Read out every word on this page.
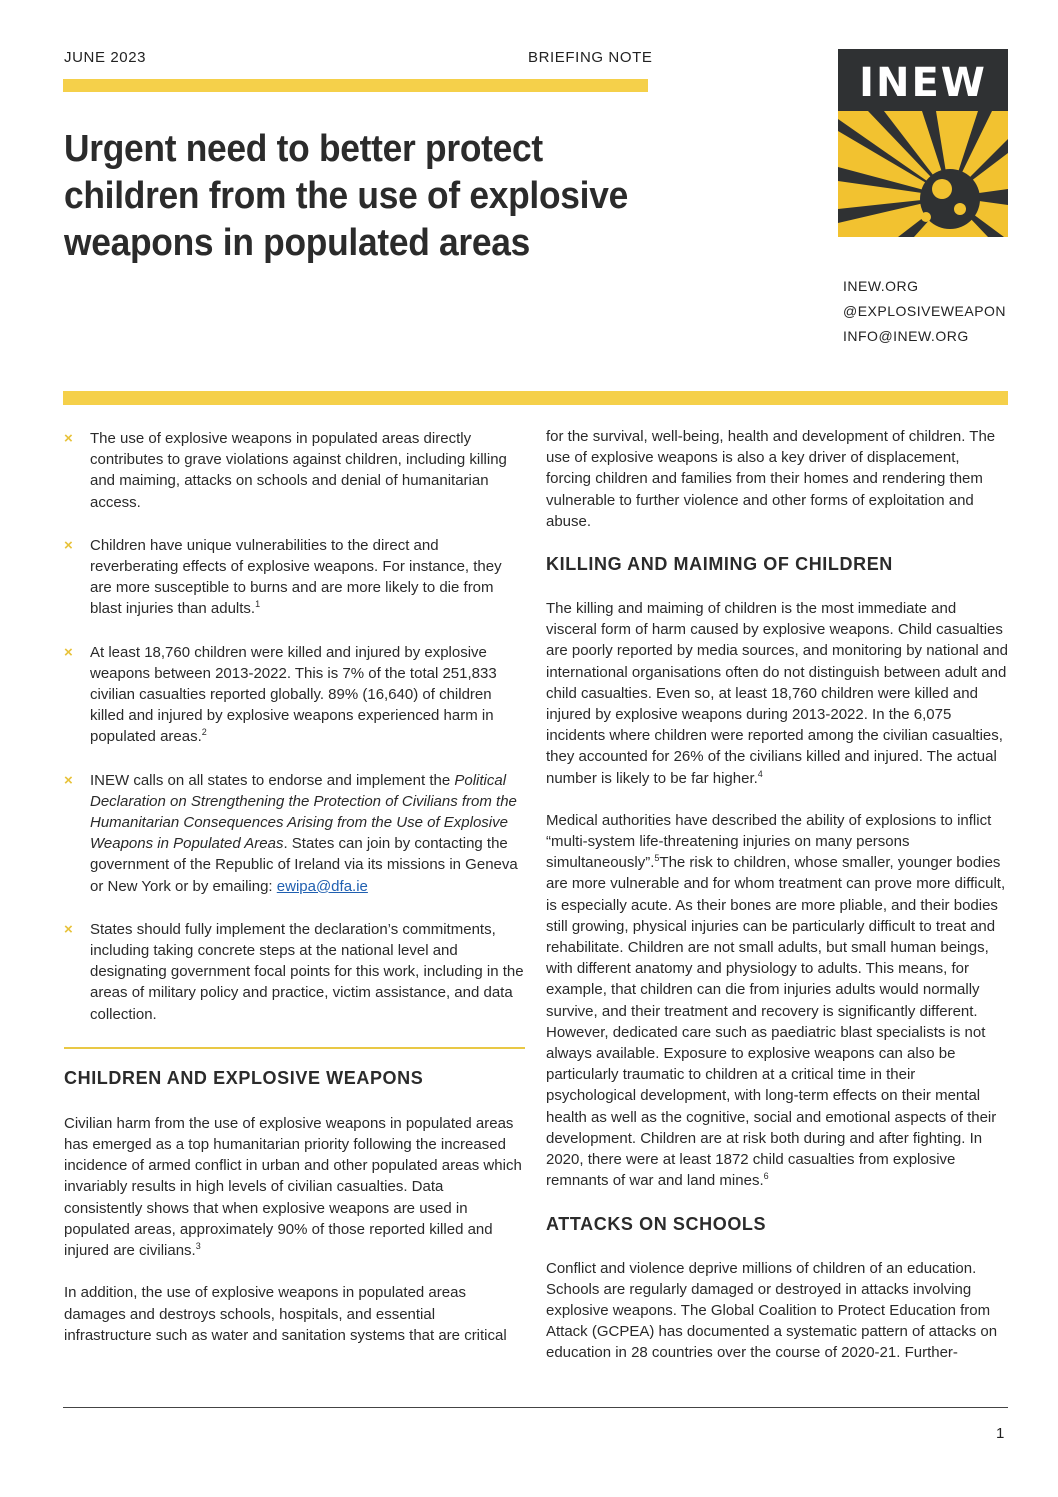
JUNE 2023	BRIEFING NOTE
Urgent need to better protect
children from the use of explosive
weapons in populated areas
INEW
INEW.ORG
@EXPLOSIVEWEAPON
INFO@INEW.ORG
× The use of explosive weapons in populated areas directly contributes to grave violations against children, including killing and maiming, attacks on schools and denial of humanitarian access.
× Children have unique vulnerabilities to the direct and reverberating effects of explosive weapons. For instance, they are more susceptible to burns and are more likely to die from blast injuries than adults.$^1$
× At least 18,760 children were killed and injured by explosive weapons between 2013-2022. This is 7% of the total 251,833 civilian casualties reported globally. 89% (16,640) of children killed and injured by explosive weapons experienced harm in populated areas.$^2$
× INEW calls on all states to endorse and implement the Political Declaration on Strengthening the Protection of Civilians from the Humanitarian Consequences Arising from the Use of Explosive Weapons in Populated Areas. States can join by contacting the government of the Republic of Ireland via its missions in Geneva or New York or by emailing: ewipa@dfa.ie
× States should fully implement the declaration’s commitments, including taking concrete steps at the national level and designating government focal points for this work, including in the areas of military policy and practice, victim assistance, and data collection.
CHILDREN AND EXPLOSIVE WEAPONS

Civilian harm from the use of explosive weapons in populated areas has emerged as a top humanitarian priority following the increased incidence of armed conflict in urban and other populated areas which invariably results in high levels of civilian casualties. Data consistently shows that when explosive weapons are used in populated areas, approximately 90% of those reported killed and injured are civilians.$^3$

In addition, the use of explosive weapons in populated areas damages and destroys schools, hospitals, and essential infrastructure such as water and sanitation systems that are critical

for the survival, well-being, health and development of children. The use of explosive weapons is also a key driver of displacement, forcing children and families from their homes and rendering them vulnerable to further violence and other forms of exploitation and abuse.

KILLING AND MAIMING OF CHILDREN

The killing and maiming of children is the most immediate and visceral form of harm caused by explosive weapons. Child casualties are poorly reported by media sources, and monitoring by national and international organisations often do not distinguish between adult and child casualties. Even so, at least 18,760 children were killed and injured by explosive weapons during 2013-2022. In the 6,075 incidents where children were reported among the civilian casualties, they accounted for 26% of the civilians killed and injured. The actual number is likely to be far higher.$^4$

Medical authorities have described the ability of explosions to inflict “multi-system life-threatening injuries on many persons simultaneously”.$^5$The risk to children, whose smaller, younger bodies are more vulnerable and for whom treatment can prove more difficult, is especially acute. As their bones are more pliable, and their bodies still growing, physical injuries can be particularly difficult to treat and rehabilitate. Children are not small adults, but small human beings, with different anatomy and physiology to adults. This means, for example, that children can die from injuries adults would normally survive, and their treatment and recovery is significantly different. However, dedicated care such as paediatric blast specialists is not always available. Exposure to explosive weapons can also be particularly traumatic to children at a critical time in their psychological development, with long-term effects on their mental health as well as the cognitive, social and emotional aspects of their development. Children are at risk both during and after fighting. In 2020, there were at least 1872 child casualties from explosive remnants of war and land mines.$^6$

ATTACKS ON SCHOOLS

Conflict and violence deprive millions of children of an education. Schools are regularly damaged or destroyed in attacks involving explosive weapons. The Global Coalition to Protect Education from Attack (GCPEA) has documented a systematic pattern of attacks on education in 28 countries over the course of 2020-21. Further-

1
